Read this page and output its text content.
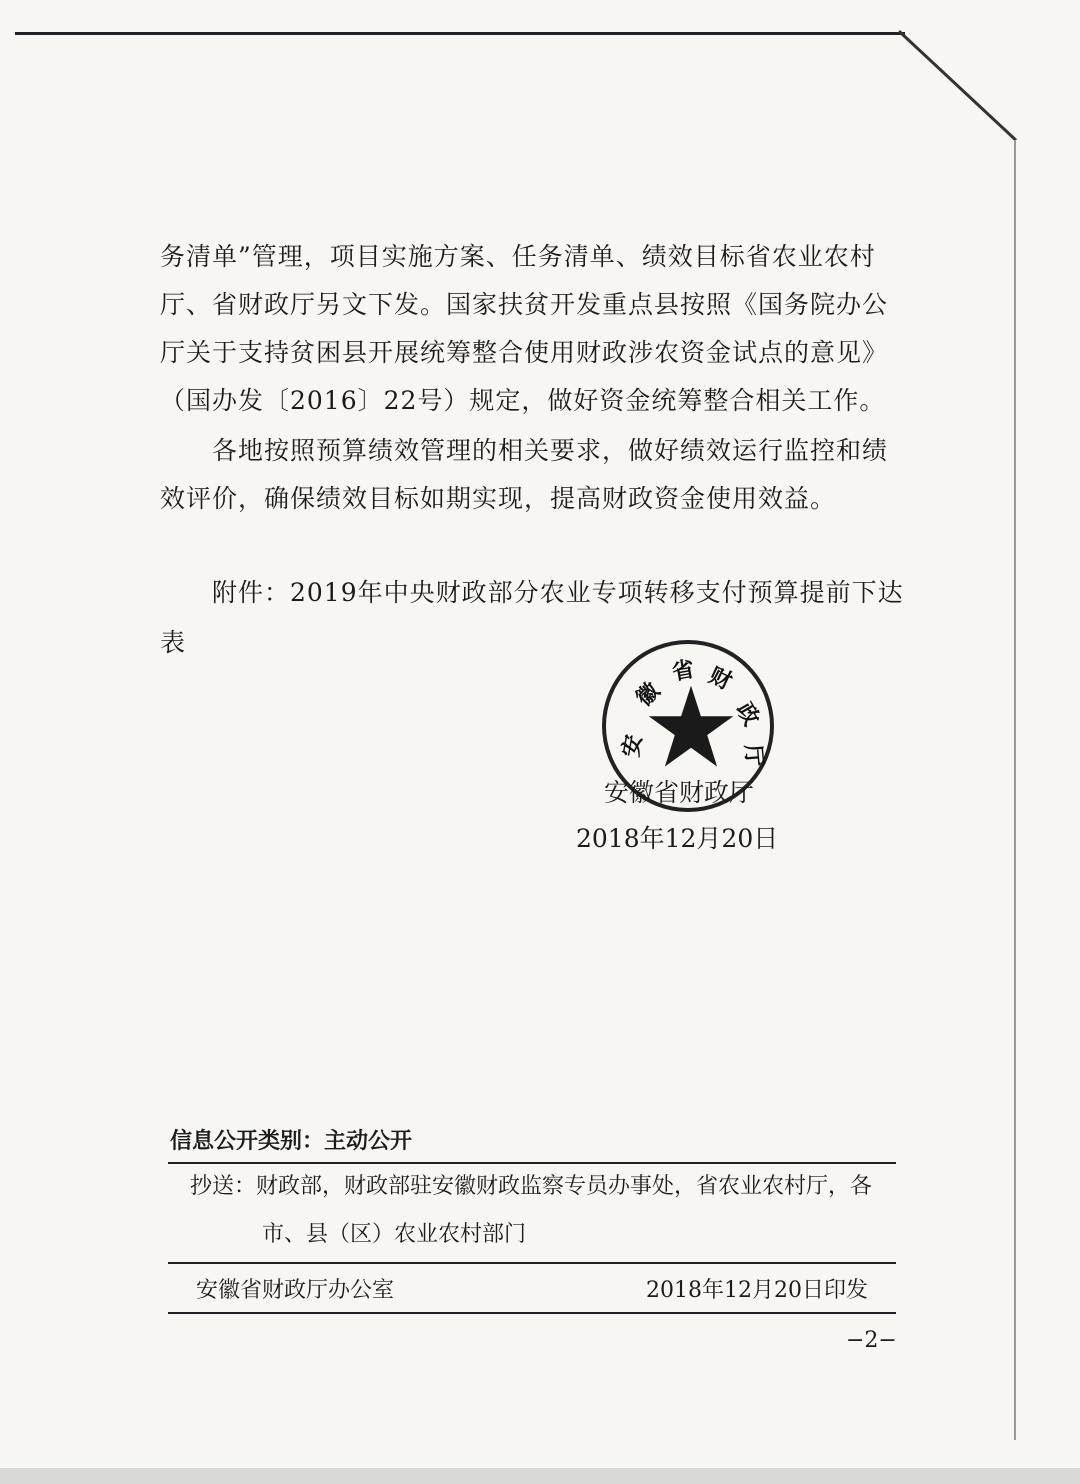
务清单”管理，项目实施方案、任务清单、绩效目标省农业农村
厅、省财政厅另文下发。国家扶贫开发重点县按照《国务院办公
厅关于支持贫困县开展统筹整合使用财政涉农资金试点的意见》
（国办发〔2016〕22号）规定，做好资金统筹整合相关工作。
　　各地按照预算绩效管理的相关要求，做好绩效运行监控和绩
效评价，确保绩效目标如期实现，提高财政资金使用效益。
　　附件：2019年中央财政部分农业专项转移支付预算提前下达
表
安
徽
省 财
政
厅
安徽省财政厅
2018年12月20日
信息公开类别：主动公开
抄送：财政部，财政部驻安徽财政监察专员办事处，省农业农村厅，各
市、县（区）农业农村部门
安徽省财政厅办公室	2018年12月20日印发
−2−
